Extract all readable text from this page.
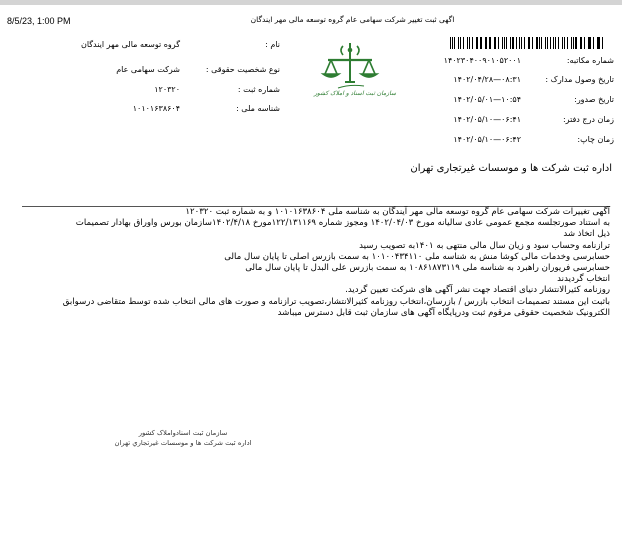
8/5/23, 1:00 PM	اگهی ثبت تغییر شرکت سهامی عام گروه توسعه مالی مهر ایندگان
نام :
گروه توسعه مالی مهر ایندگان
نوع شخصیت حقوقی :
شرکت سهامی عام
شماره ثبت :
۱۲۰۳۲۰
شناسه ملی :
۱۰۱۰۱۶۳۸۶۰۴
سازمان ثبت اسناد و املاک کشور
شماره مکاتبه:
۱۴۰۲۳۰۴۰۰۹۰۱۰۵۲۰۰۱
تاریخ وصول مدارک :
۱۴۰۲/۰۴/۲۸—۰۸:۳۱
تاریخ صدور:
۱۴۰۲/۰۵/۰۱—۱۰:۵۴
زمان درج دفتر:
۱۴۰۲/۰۵/۱۰—۰۶:۴۱
زمان چاپ:
۱۴۰۲/۰۵/۱۰—۰۶:۴۲
اداره ثبت شرکت ها و موسسات غیرتجاری تهران

آگهی تغییرات شرکت سهامی عام گروه توسعه مالی مهر آیندگان به شناسه ملی ۱۰۱۰۱۶۳۸۶۰۴ و به شماره ثبت ۱۲۰۳۲۰

به استناد صورتجلسه مجمع عمومی عادی سالیانه مورخ ۱۴۰۲/۰۴/۰۳ ومجوز شماره ۱۲۲/۱۳۱۱۶۹مورخ ۱۴۰۲/۴/۱۸سازمان بورس واوراق بهادار تصمیمات

ذیل اتخاذ شد

ترازنامه وحساب سود و زیان سال مالی منتهی به ۱۴۰۱به تصویب رسید

حسابرسی وخدمات مالی کوشا منش به شناسه ملی ۱۰۱۰۰۴۳۴۱۱۰ به سمت بازرس اصلی تا پایان سال مالی

حسابرسی فریوران راهبرد به شناسه ملی ۱۰۸۶۱۸۷۳۱۱۹ به سمت بازرس علی البدل تا پایان سال مالی

انتخاب گردیدند

روزنامه کثیرالانتشار دنیای اقتصاد جهت نشر آگهی های شرکت تعیین گردید.

باثبت این مستند تصمیمات انتخاب بازرس / بازرسان،انتخاب روزنامه کثیرالانتشار،تصویب ترازنامه و صورت های مالی انتخاب شده توسط متقاضی درسوابق

الکترونیک شخصیت حقوقی مرقوم ثبت ودرپایگاه آگهی های سازمان ثبت قابل دسترس میباشد

سازمان ثبت اسنادواملاک کشور
اداره ثبت شرکت ها و موسسات غیرتجاري تهران
